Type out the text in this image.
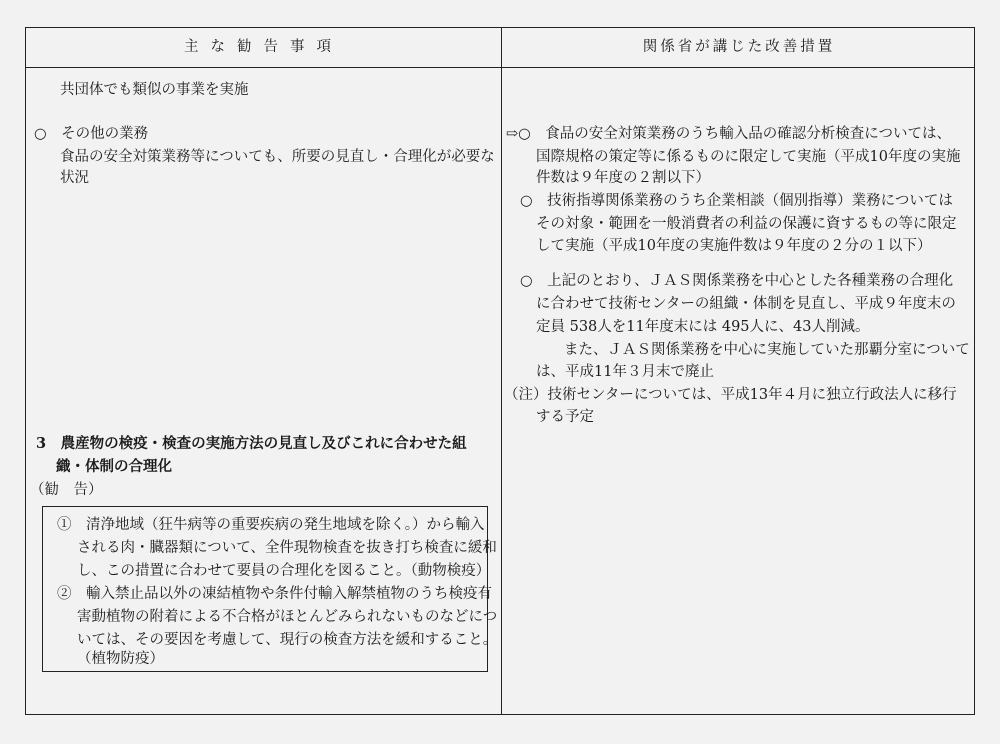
主な勧告事項	関係省が講じた改善措置
共団体でも類似の事業を実施
○　その他の業務
食品の安全対策業務等についても、所要の見直し・合理化が必要な
状況
3　農産物の検疫・検査の実施方法の見直し及びこれに合わせた組
織・体制の合理化
（勧　告）
①　清浄地域（狂牛病等の重要疾病の発生地域を除く。）から輸入
される肉・臓器類について、全件現物検査を抜き打ち検査に緩和
し、この措置に合わせて要員の合理化を図ること。（動物検疫）
②　輸入禁止品以外の凍結植物や条件付輸入解禁植物のうち検疫有
害動植物の附着による不合格がほとんどみられないものなどにつ
いては、その要因を考慮して、現行の検査方法を緩和すること。
（植物防疫）
⇨○　食品の安全対策業務のうち輸入品の確認分析検査については、
国際規格の策定等に係るものに限定して実施（平成10年度の実施
件数は９年度の２割以下）
○　技術指導関係業務のうち企業相談（個別指導）業務については
その対象・範囲を一般消費者の利益の保護に資するもの等に限定
して実施（平成10年度の実施件数は９年度の２分の１以下）
○　上記のとおり、ＪＡＳ関係業務を中心とした各種業務の合理化
に合わせて技術センターの組織・体制を見直し、平成９年度末の
定員 538人を11年度末には 495人に、43人削減。
また、ＪＡＳ関係業務を中心に実施していた那覇分室について
は、平成11年３月末で廃止
（注）技術センターについては、平成13年４月に独立行政法人に移行
する予定
